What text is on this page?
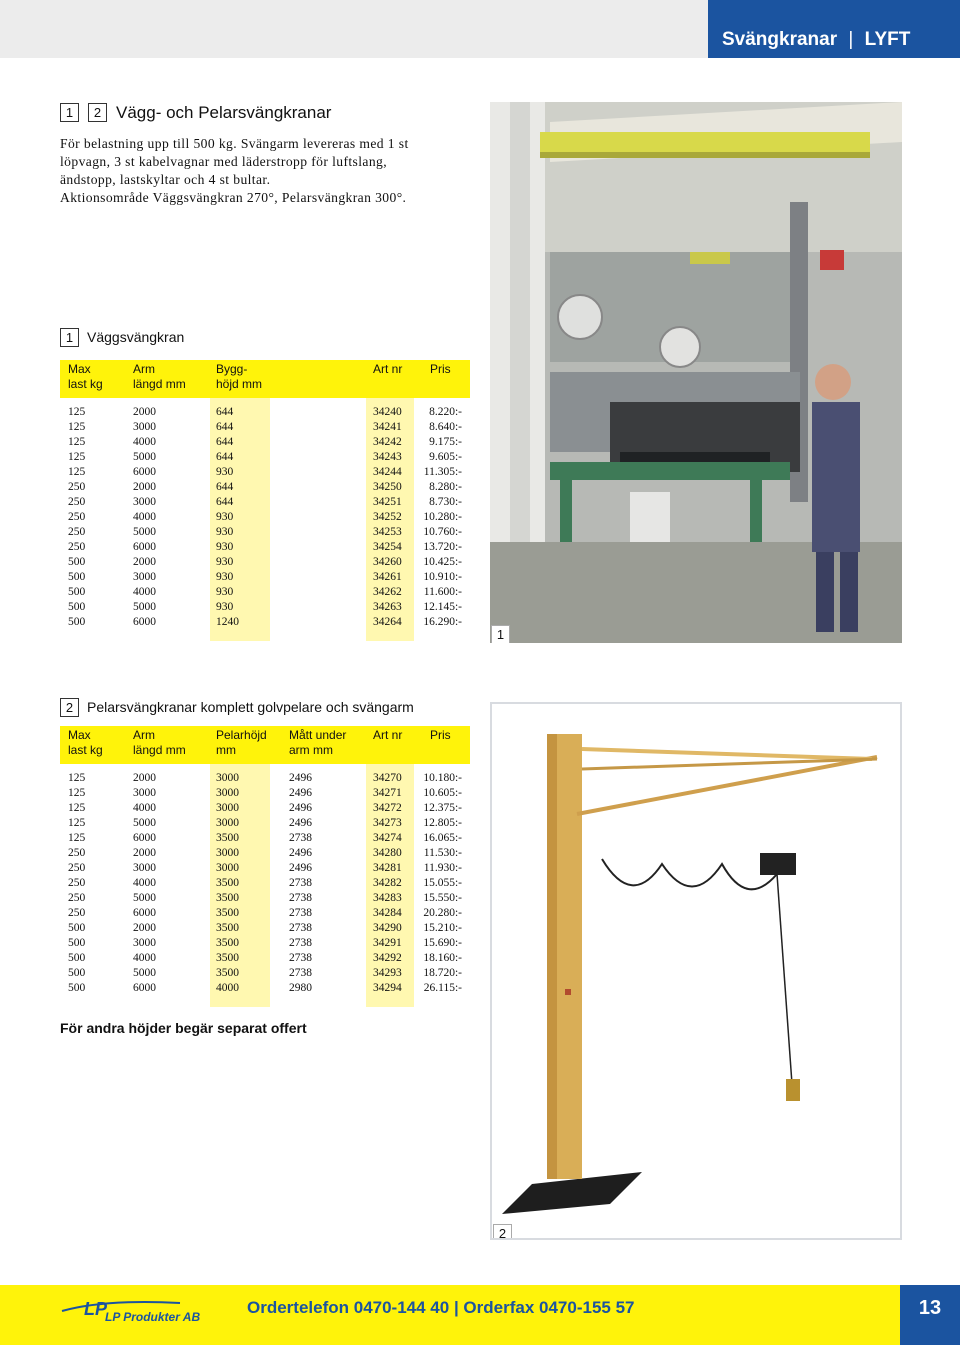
Svängkranar | LYFT
1	2 Vägg- och Pelarsvängkranar
För belastning upp till 500 kg. Svängarm levereras med 1 st
löpvagn, 3 st kabelvagnar med läderstropp för luftslang,
ändstopp, lastskyltar och 4 st bultar.
Aktionsområde Väggsvängkran 270°, Pelarsvängkran 300°.
1 Väggsvängkran
Max
last kg
Arm
längd mm
Bygg-
höjd mm
Art nr Pris
125	2000	644	34240	8.220:-
125	3000	644	34241	8.640:-
125	4000	644	34242	9.175:-
125	5000	644	34243	9.605:-
125	6000	930	34244	11.305:-
250	2000	644	34250	8.280:-
250	3000	644	34251	8.730:-
250	4000	930	34252	10.280:-
250	5000	930	34253	10.760:-
250	6000	930	34254	13.720:-
500	2000	930	34260	10.425:-
500	3000	930	34261	10.910:-
500	4000	930	34262	11.600:-
500	5000	930	34263	12.145:-
500	6000	1240	34264	16.290:-
2 Pelarsvängkranar komplett golvpelare och svängarm
Max
last kg
Arm
längd mm
Pelarhöjd
mm
Mått under
arm mm
Art nr Pris
125	2000	3000	2496	34270	10.180:-
125	3000	3000	2496	34271	10.605:-
125	4000	3000	2496	34272	12.375:-
125	5000	3000	2496	34273	12.805:-
125	6000	3500	2738	34274	16.065:-
250	2000	3000	2496	34280	11.530:-
250	3000	3000	2496	34281	11.930:-
250	4000	3500	2738	34282	15.055:-
250	5000	3500	2738	34283	15.550:-
250	6000	3500	2738	34284	20.280:-
500	2000	3500	2738	34290	15.210:-
500	3000	3500	2738	34291	15.690:-
500	4000	3500	2738	34292	18.160:-
500	5000	3500	2738	34293	18.720:-
500	6000	4000	2980	34294	26.115:-
För andra höjder begär separat offert
1
2
LP
LP Produkter AB	Ordertelefon 0470-144 40 | Orderfax 0470-155 57	13
